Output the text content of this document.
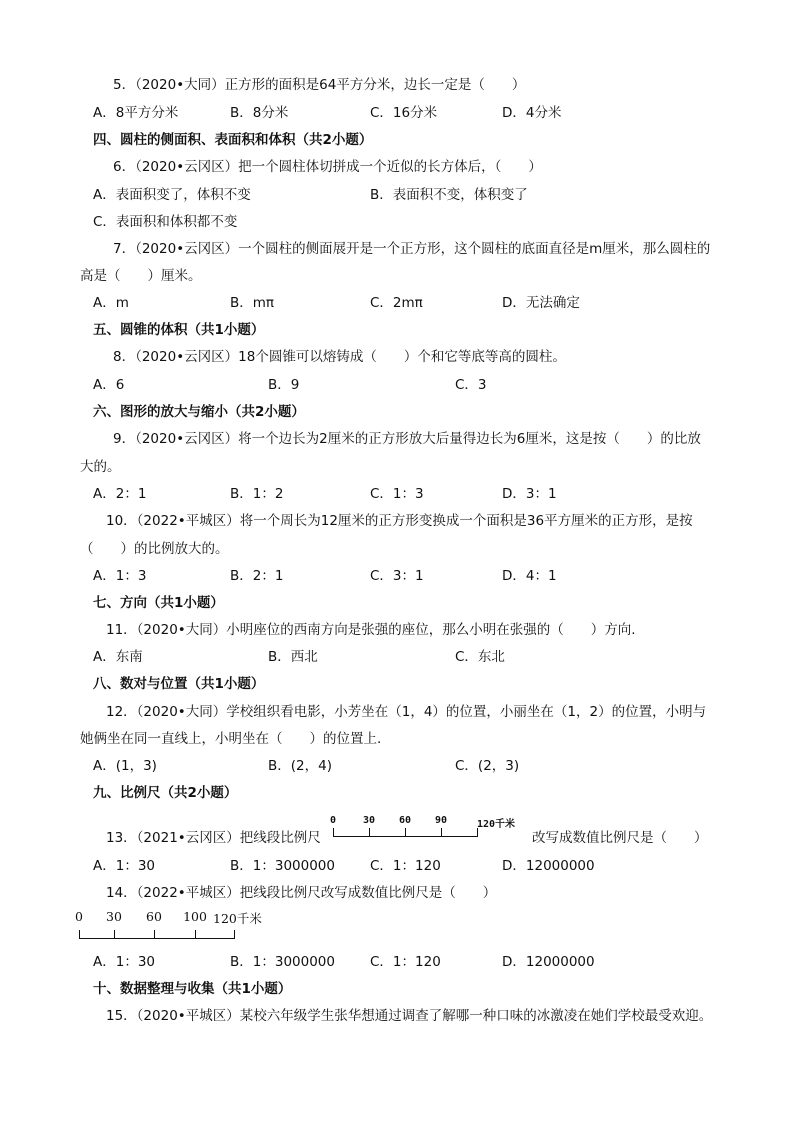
5．（2020•大同）正方形的面积是64平方分米，边长一定是（　　）
A．8平方分米	B．8分米	C．16分米	D．4分米
四、圆柱的侧面积、表面积和体积（共2小题）
6．（2020•云冈区）把一个圆柱体切拼成一个近似的长方体后，（　　）
A．表面积变了，体积不变	B．表面积不变，体积变了
C．表面积和体积都不变
7．（2020•云冈区）一个圆柱的侧面展开是一个正方形，这个圆柱的底面直径是m厘米，那么圆柱的
高是（　　）厘米。
A．m	B．mπ	C．2mπ	D．无法确定
五、圆锥的体积（共1小题）
8．（2020•云冈区）18个圆锥可以熔铸成（　　）个和它等底等高的圆柱。
A．6	B．9	C．3
六、图形的放大与缩小（共2小题）
9．（2020•云冈区）将一个边长为2厘米的正方形放大后量得边长为6厘米，这是按（　　）的比放
大的。
A．2：1	B．1：2	C．1：3	D．3：1
10．（2022•平城区）将一个周长为12厘米的正方形变换成一个面积是36平方厘米的正方形，是按
（　　）的比例放大的。
A．1：3	B．2：1	C．3：1	D．4：1
七、方向（共1小题）
11．（2020•大同）小明座位的西南方向是张强的座位，那么小明在张强的（　　）方向.
A．东南	B．西北	C．东北
八、数对与位置（共1小题）
12．（2020•大同）学校组织看电影，小芳坐在（1，4）的位置，小丽坐在（1，2）的位置，小明与
她俩坐在同一直线上，小明坐在（　　）的位置上.
A．(1，3)	B．(2，4)	C．(2，3)
九、比例尺（共2小题）
13．（2021•云冈区）把线段比例尺
0	30 60 90	120千米
改写成数值比例尺是（　　）
A．1：30	B．1：3000000	C．1：120	D．12000000
14．（2022•平城区）把线段比例尺改写成数值比例尺是（　　）
0 30 60 100 120千米
A．1：30	B．1：3000000	C．1：120	D．12000000
十、数据整理与收集（共1小题）
15．（2020•平城区）某校六年级学生张华想通过调查了解哪一种口味的冰激凌在她们学校最受欢迎。
